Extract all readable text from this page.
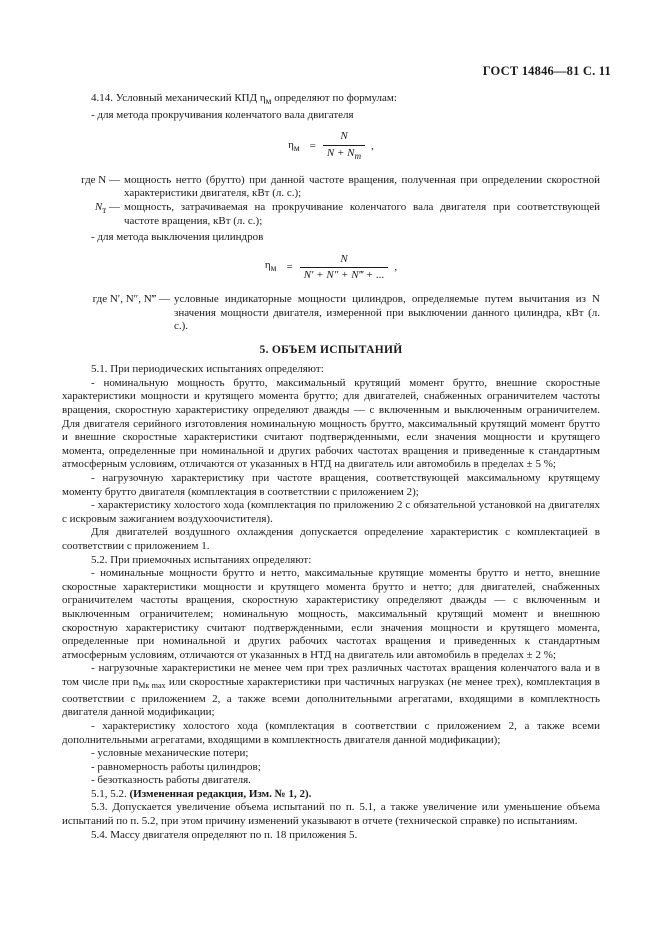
ГОСТ 14846—81 С. 11

4.14. Условный механический КПД $\eta_м$ определяют по формулам:

- для метода прокручивания коленчатого вала двигателя

$\eta_м = \frac{N}{N + N_т}$ ,
где N — мощность нетто (брутто) при данной частоте вращения, полученная при определении скоростной характеристики двигателя, кВт (л. с.);
$N_т$ — мощность, затрачиваемая на прокручивание коленчатого вала двигателя при соответствующей частоте вращения, кВт (л. с.);

- для метода выключения цилиндров

$\eta_м = \frac{N}{N' + N'' + N‴ + ...}$ ,
где N′, N″, N‴ — условные индикаторные мощности цилиндров, определяемые путем вычитания из N значения мощности двигателя, измеренной при выключении данного цилиндра, кВт (л. с.).
5. ОБЪЕМ ИСПЫТАНИЙ

5.1. При периодических испытаниях определяют:

- номинальную мощность брутто, максимальный крутящий момент брутто, внешние скоростные характеристики мощности и крутящего момента брутто; для двигателей, снабженных ограничителем частоты вращения, скоростную характеристику определяют дважды — с включенным и выключенным ограничителем. Для двигателя серийного изготовления номинальную мощность брутто, максимальный крутящий момент брутто и внешние скоростные характеристики считают подтвержденными, если значения мощности и крутящего момента, определенные при номинальной и других рабочих частотах вращения и приведенные к стандартным атмосферным условиям, отличаются от указанных в НТД на двигатель или автомобиль в пределах ± 5 %;

- нагрузочную характеристику при частоте вращения, соответствующей максимальному крутящему моменту брутто двигателя (комплектация в соответствии с приложением 2);

- характеристику холостого хода (комплектация по приложению 2 с обязательной установкой на двигателях с искровым зажиганием воздухоочистителя).

Для двигателей воздушного охлаждения допускается определение характеристик с комплектацией в соответствии с приложением 1.

5.2. При приемочных испытаниях определяют:

- номинальные мощности брутто и нетто, максимальные крутящие моменты брутто и нетто, внешние скоростные характеристики мощности и крутящего момента брутто и нетто; для двигателей, снабженных ограничителем частоты вращения, скоростную характеристику определяют дважды — с включенным и выключенным ограничителем; номинальную мощность, максимальный крутящий момент и внешнюю скоростную характеристику считают подтвержденными, если значения мощности и крутящего момента, определенные при номинальной и других рабочих частотах вращения и приведенных к стандартным атмосферным условиям, отличаются от указанных в НТД на двигатель или автомобиль в пределах ± 2 %;

- нагрузочные характеристики не менее чем при трех различных частотах вращения коленчатого вала и в том числе при $n_{Mк max}$ или скоростные характеристики при частичных нагрузках (не менее трех), комплектация в соответствии с приложением 2, а также всеми дополнительными агрегатами, входящими в комплектность двигателя данной модификации;

- характеристику холостого хода (комплектация в соответствии с приложением 2, а также всеми дополнительными агрегатами, входящими в комплектность двигателя данной модификации);

- условные механические потери;

- равномерность работы цилиндров;

- безотказность работы двигателя.

5.1, 5.2. (Измененная редакция, Изм. № 1, 2).

5.3. Допускается увеличение объема испытаний по п. 5.1, а также увеличение или уменьшение объема испытаний по п. 5.2, при этом причину изменений указывают в отчете (технической справке) по испытаниям.

5.4. Массу двигателя определяют по п. 18 приложения 5.
